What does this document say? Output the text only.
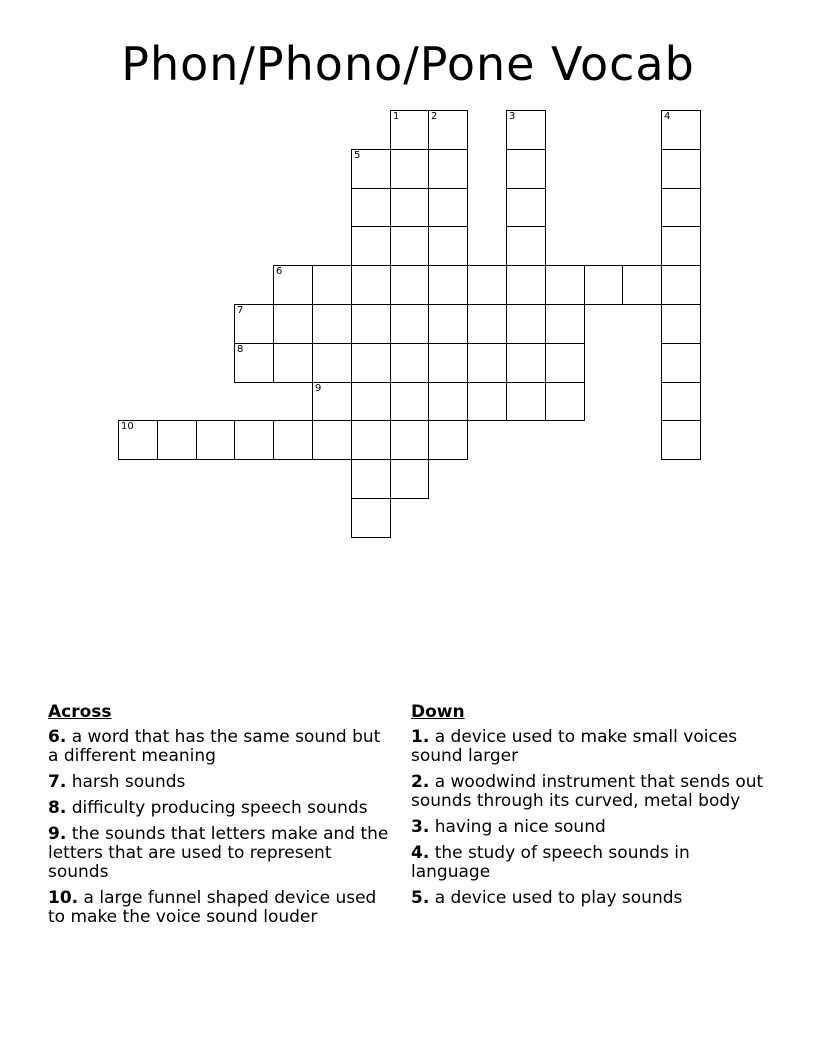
Phon/Phono/Pone Vocab
1	2	3	4
5
6
7
8
9
10
Across
6. a word that has the same sound but a different meaning
7. harsh sounds
8. difficulty producing speech sounds
9. the sounds that letters make and the letters that are used to represent sounds
10. a large funnel shaped device used to make the voice sound louder
Down
1. a device used to make small voices sound larger
2. a woodwind instrument that sends out sounds through its curved, metal body
3. having a nice sound
4. the study of speech sounds in language
5. a device used to play sounds
